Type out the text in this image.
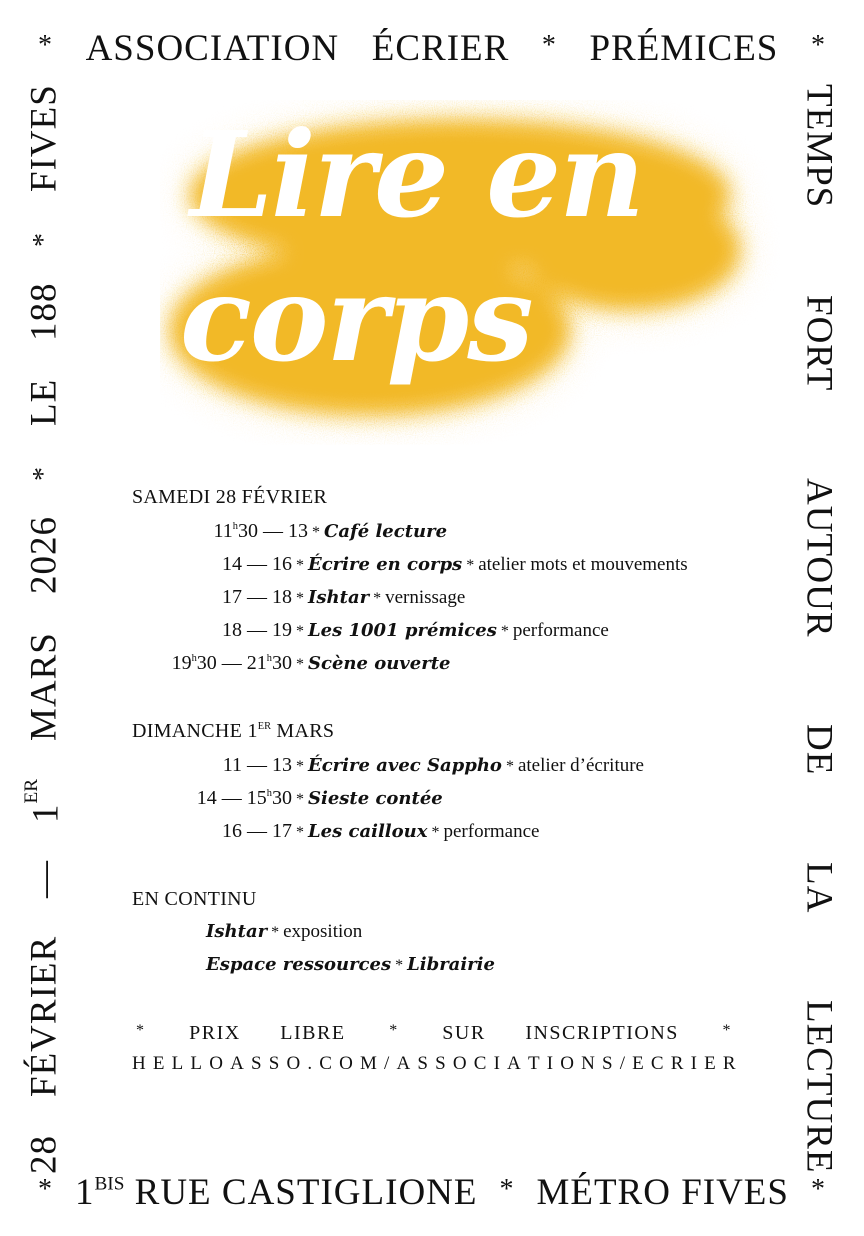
* ASSOCIATION ÉCRIER * PRÉMICES *
28
FÉVRIER
—
1ER
MARS
2026
*
LE
188
*
FIVES	TEMPS
FORT
AUTOUR
DE
LA
LECTURE
Lire en
corps
SAMEDI 28 FÉVRIER
11$^h$30 — 13 * Café lecture
14 — 16 * Écrire en corps * atelier mots et mouvements
17 — 18 * Ishtar * vernissage
18 — 19 * Les 1001 prémices * performance
19$^h$30 — 21$^h$30 * Scène ouverte
DIMANCHE 1ER MARS
11 — 13 * Écrire avec Sappho * atelier d’écriture
14 — 15$^h$30 * Sieste contée
16 — 17 * Les cailloux * performance
EN CONTINU
Ishtar * exposition
Espace ressources * Librairie
* PRIX LIBRE	* SUR INSCRIPTIONS	*
H E L L O A S S O . C O M / A S S O C I A T I O N S / E C R I E R
* $1^{BIS}$ RUE CASTIGLIONE * MÉTRO FIVES *
